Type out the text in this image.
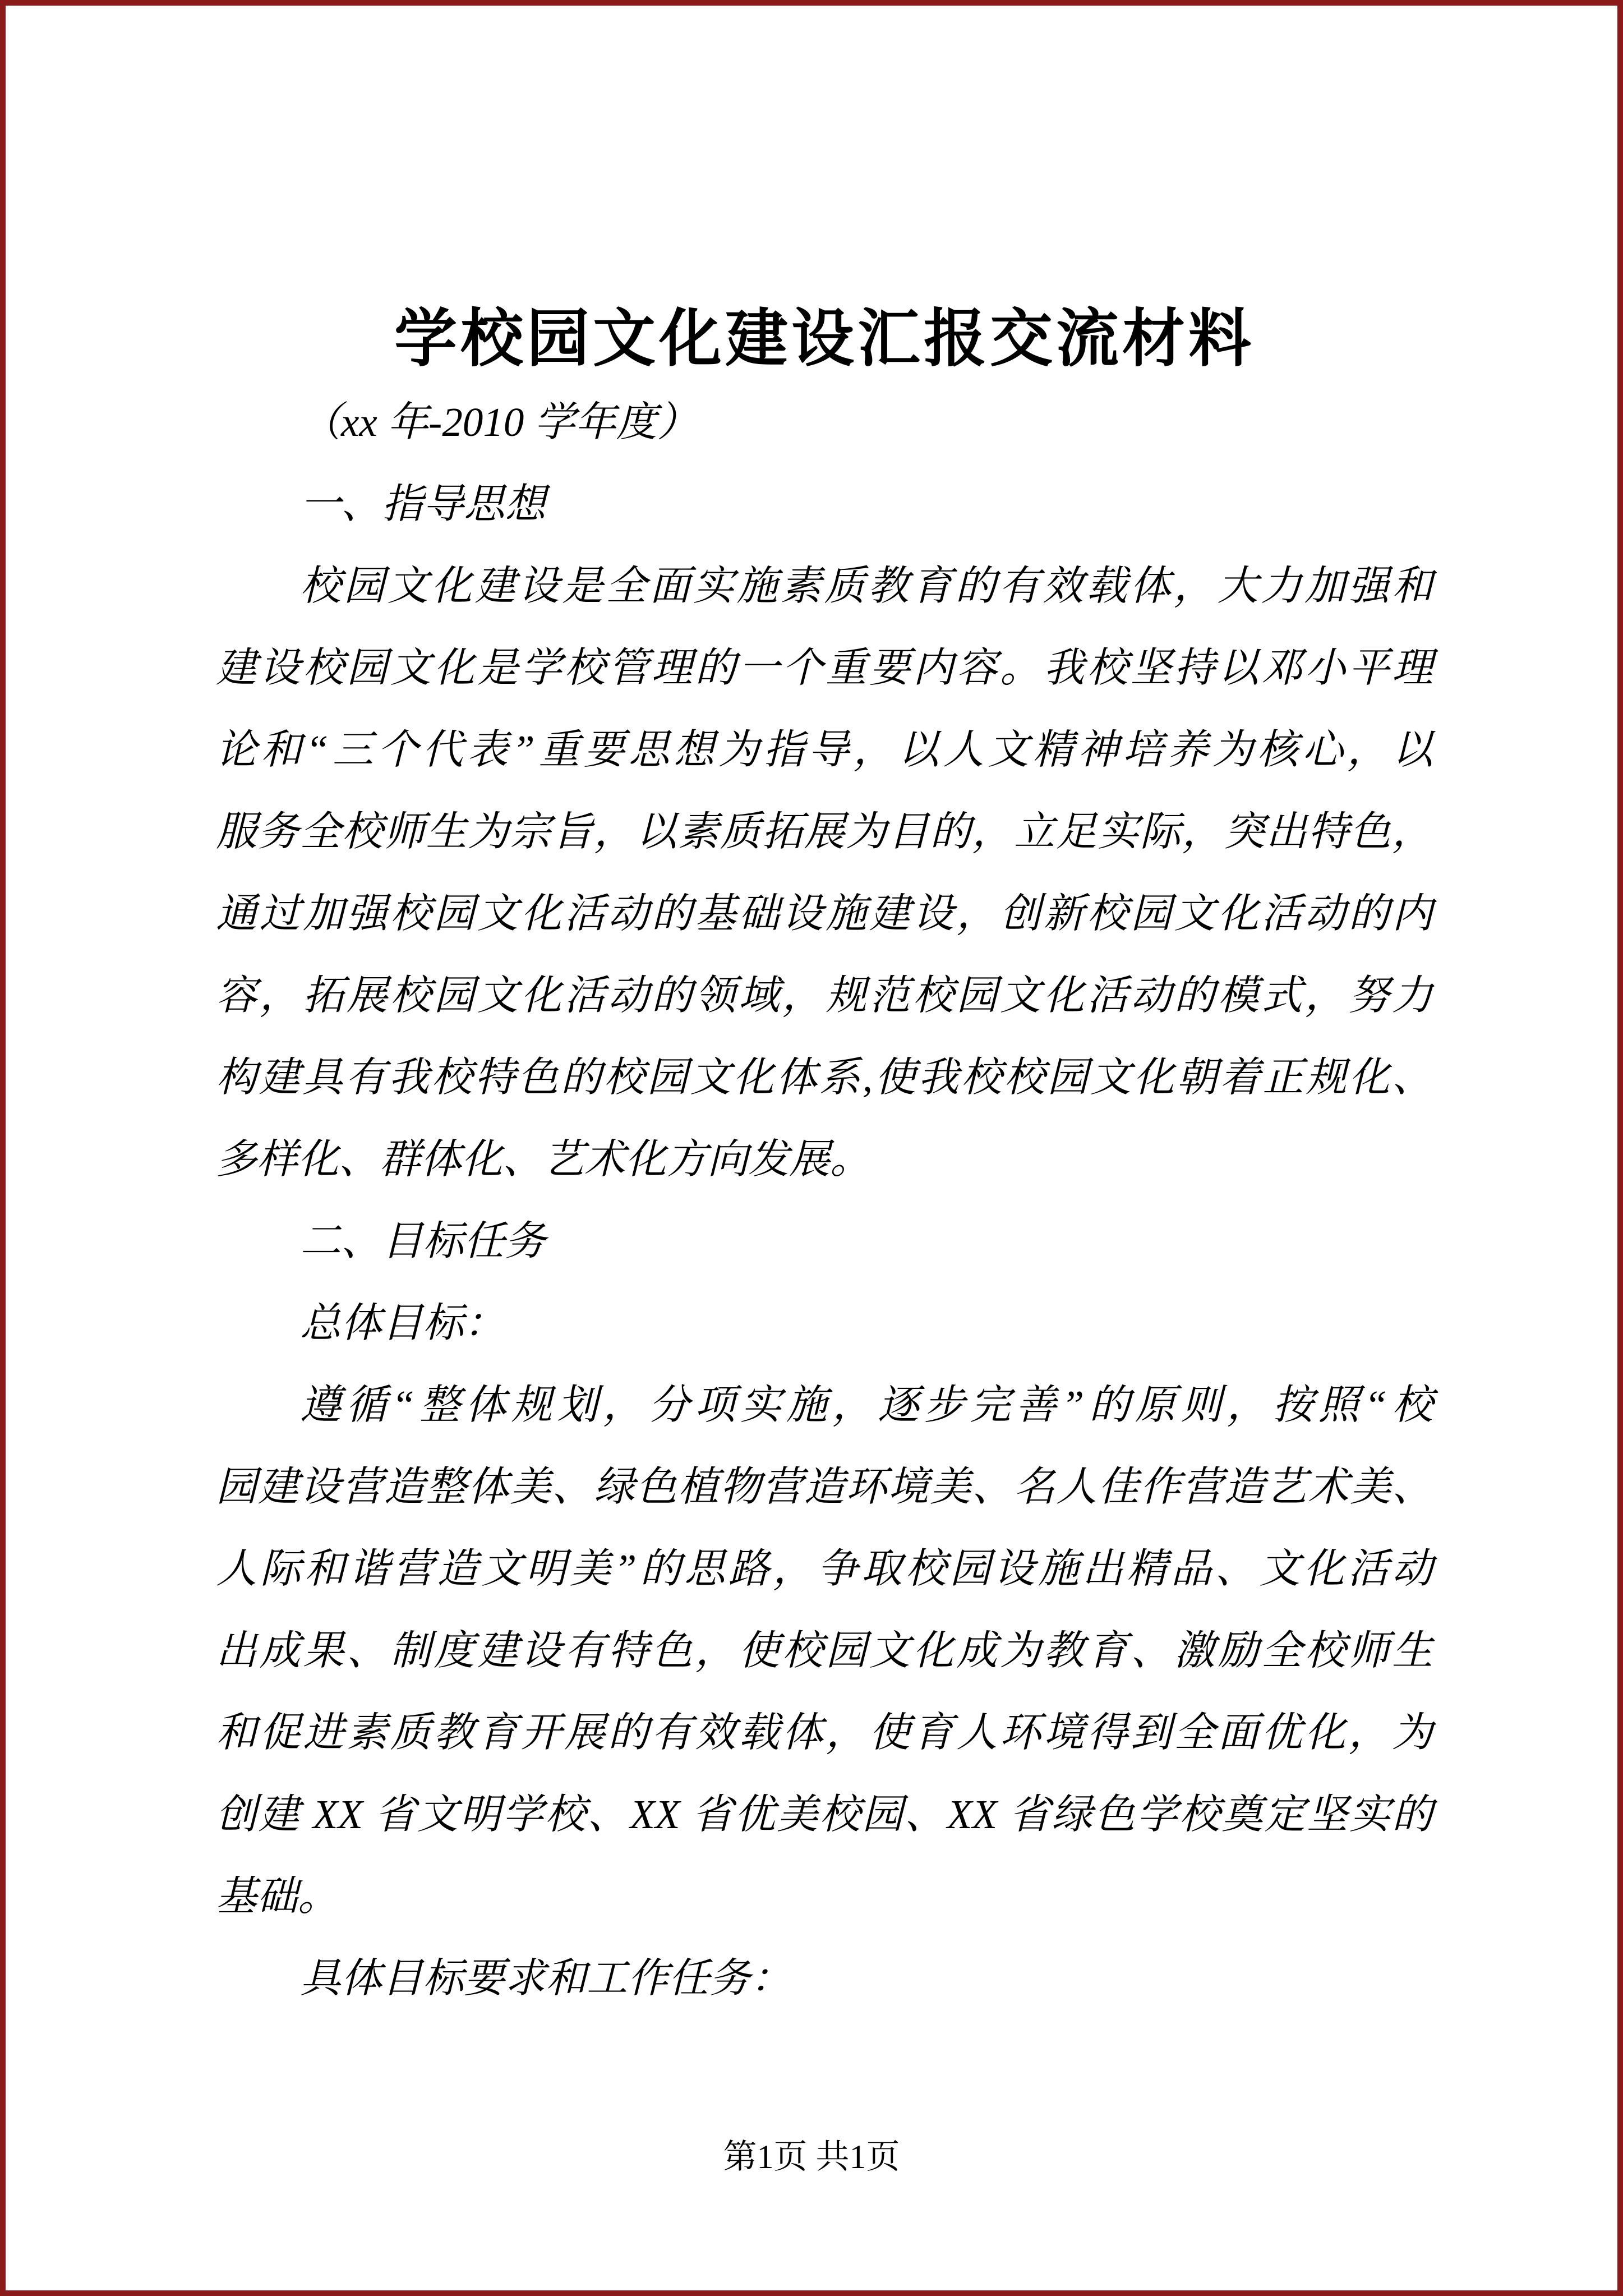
学校园文化建设汇报交流材料
（xx 年-2010 学年度）
一、指导思想
校园文化建设是全面实施素质教育的有效载体，大力加强和
建设校园文化是学校管理的一个重要内容。我校坚持以邓小平理
论和“三个代表”重要思想为指导，以人文精神培养为核心，以
服务全校师生为宗旨，以素质拓展为目的，立足实际，突出特色，
通过加强校园文化活动的基础设施建设，创新校园文化活动的内
容，拓展校园文化活动的领域，规范校园文化活动的模式，努力
构建具有我校特色的校园文化体系,使我校校园文化朝着正规化、
多样化、群体化、艺术化方向发展。
二、目标任务
总体目标：
遵循“整体规划，分项实施，逐步完善”的原则，按照“校
园建设营造整体美、绿色植物营造环境美、名人佳作营造艺术美、
人际和谐营造文明美”的思路，争取校园设施出精品、文化活动
出成果、制度建设有特色，使校园文化成为教育、激励全校师生
和促进素质教育开展的有效载体，使育人环境得到全面优化，为
创建 XX 省文明学校、XX 省优美校园、XX 省绿色学校奠定坚实的
基础。
具体目标要求和工作任务：
第1页 共1页
